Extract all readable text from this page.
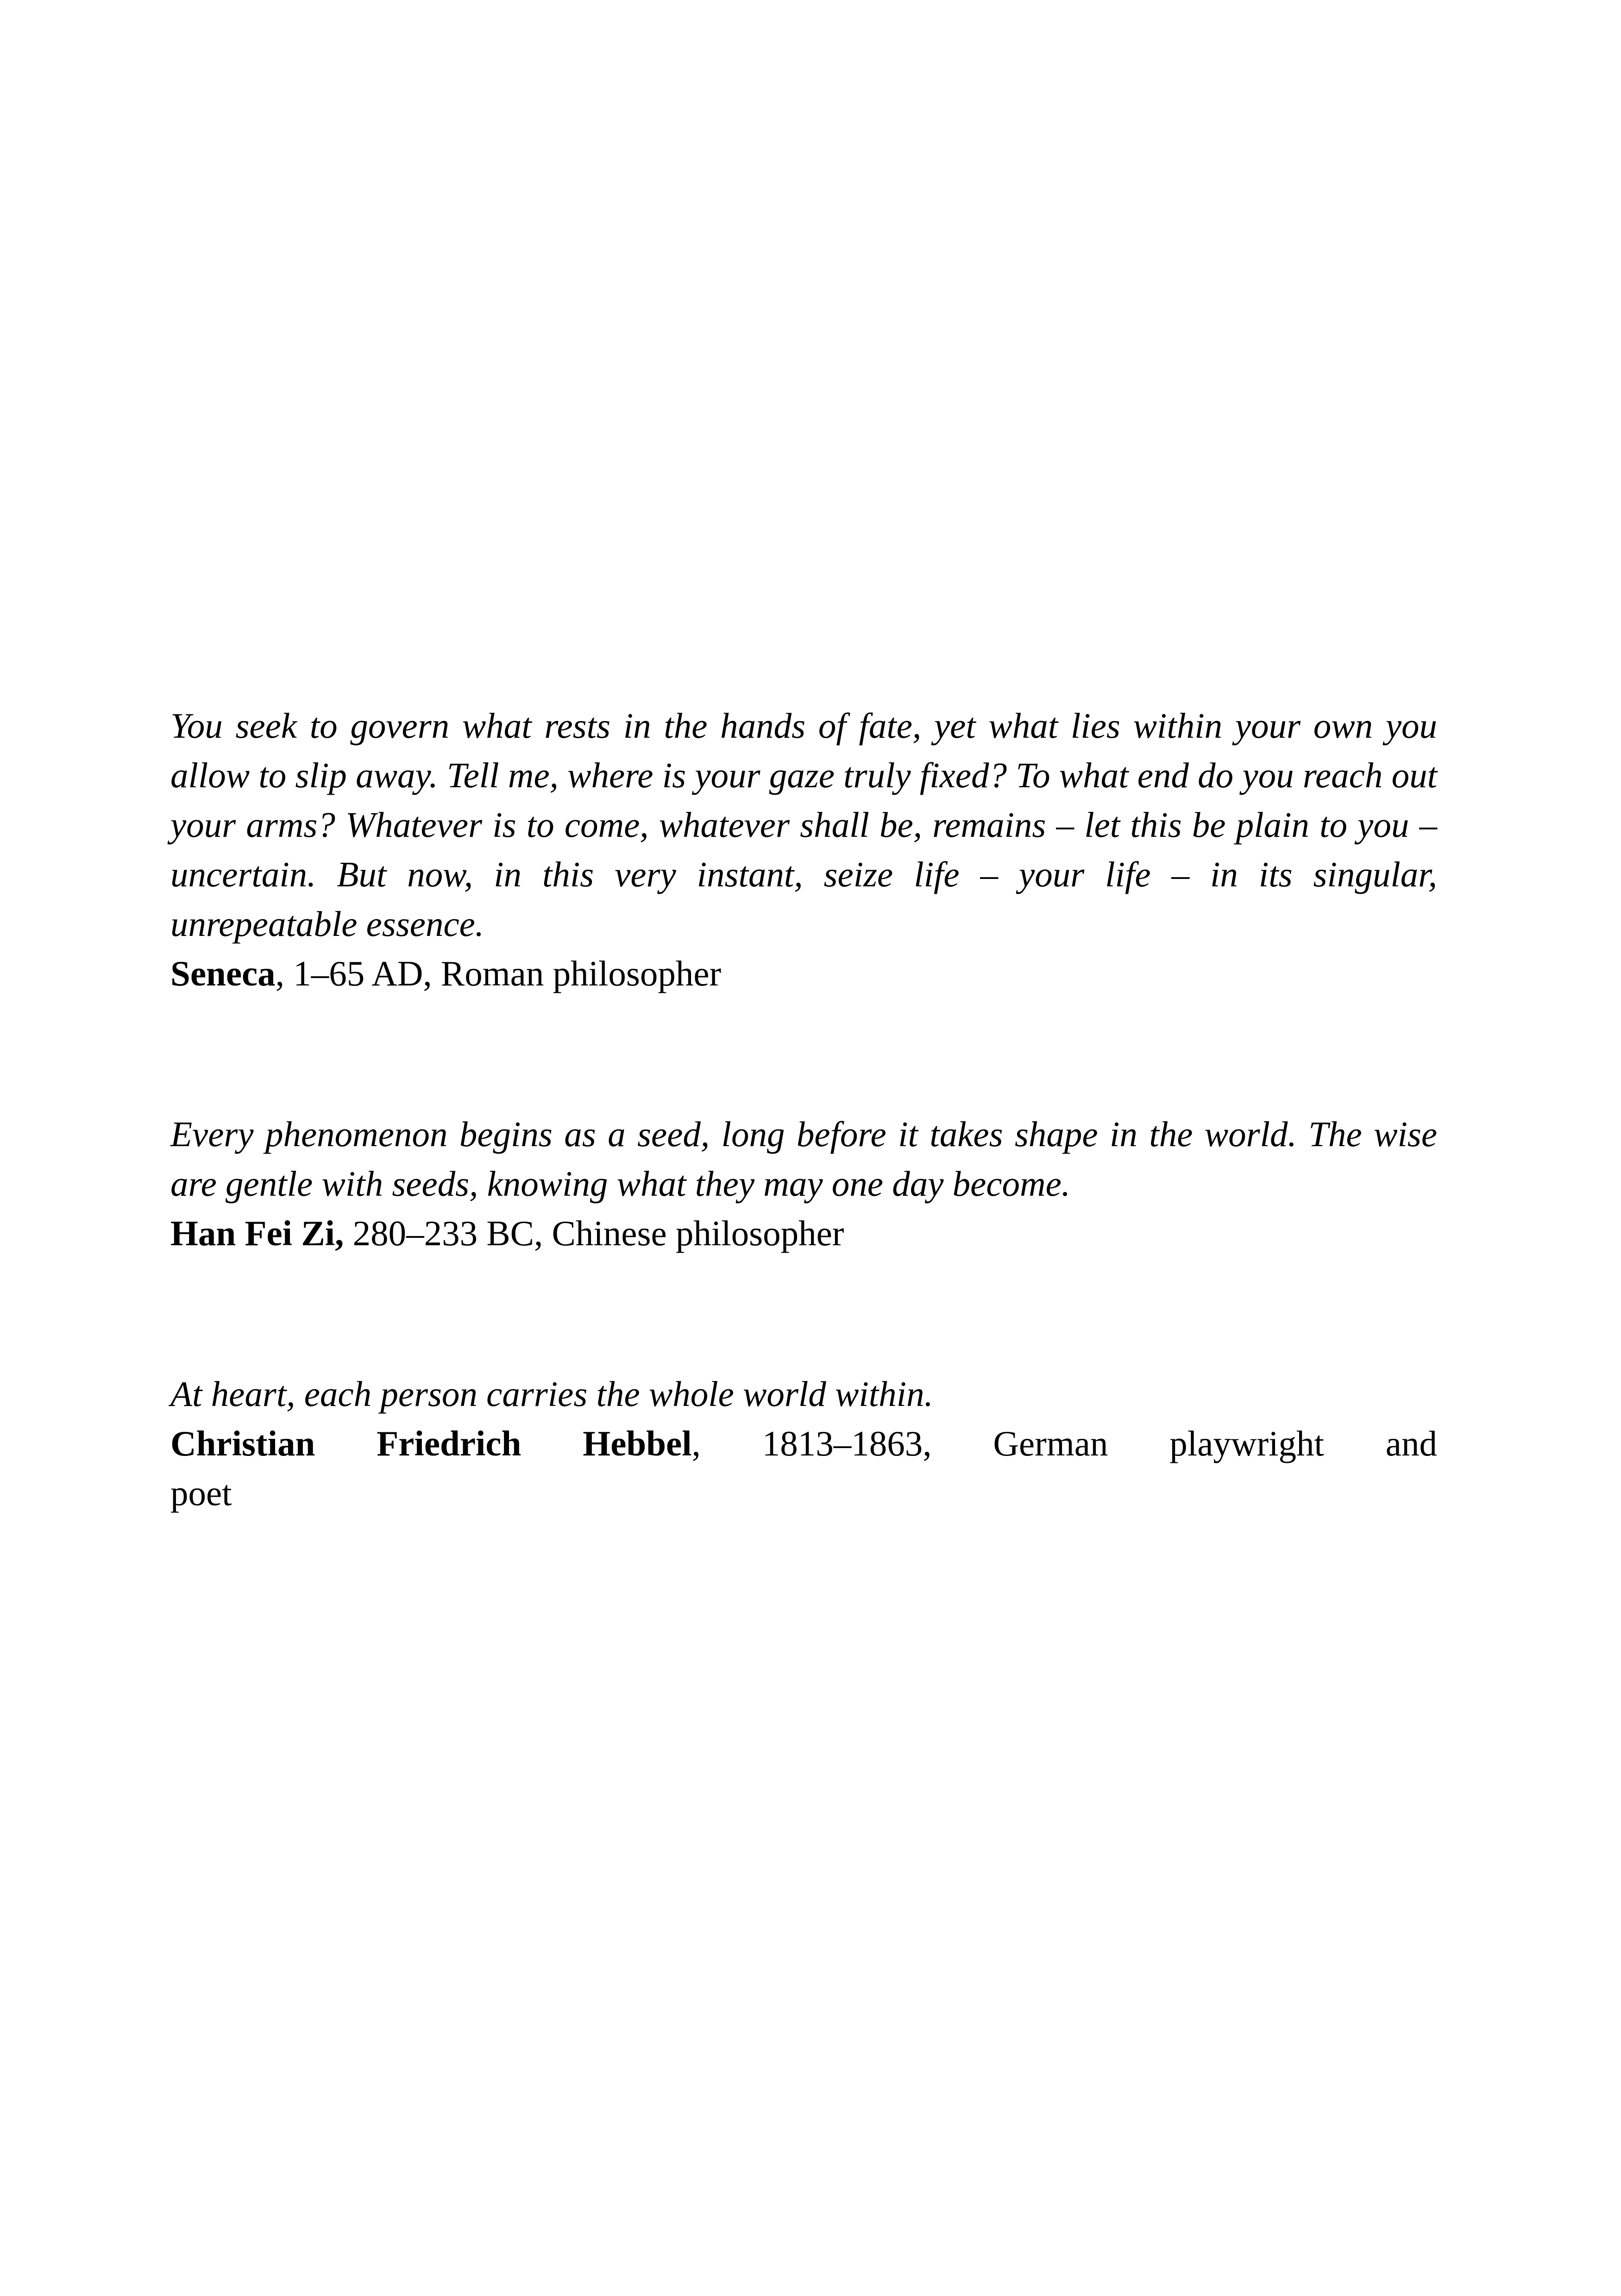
You seek to govern what rests in the hands of fate, yet what lies within your own you allow to slip away. Tell me, where is your gaze truly fixed? To what end do you reach out your arms? Whatever is to come, whatever shall be, remains – let this be plain to you – uncertain. But now, in this very instant, seize life – your life – in its singular, unrepeatable essence.

Seneca, 1–65 AD, Roman philosopher

Every phenomenon begins as a seed, long before it takes shape in the world. The wise are gentle with seeds, knowing what they may one day become.

Han Fei Zi, 280–233 BC, Chinese philosopher

At heart, each person carries the whole world within.

Christian Friedrich Hebbel, 1813–1863, German playwright and
poet
